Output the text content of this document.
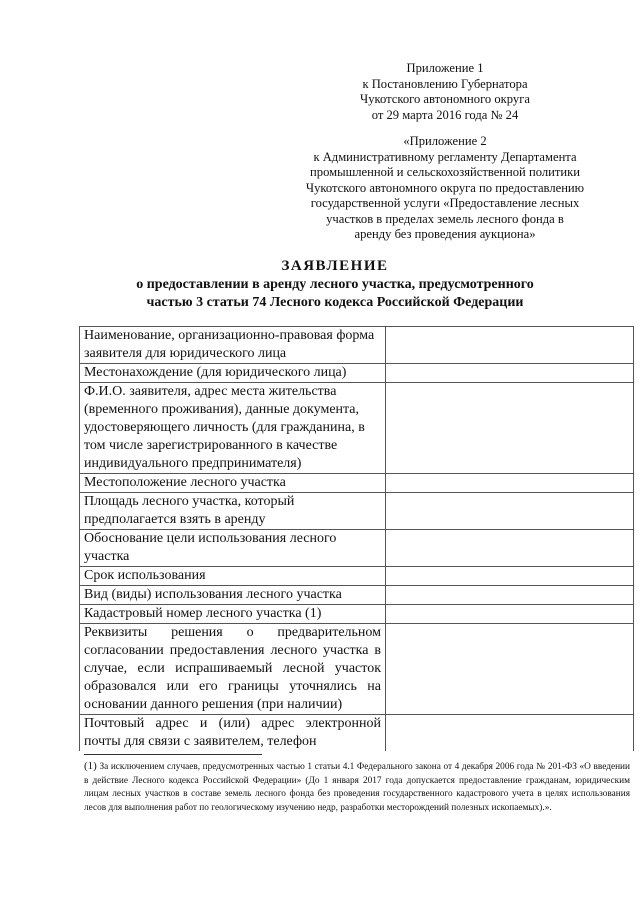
Приложение 1
к Постановлению Губернатора
Чукотского автономного округа
от 29 марта 2016 года № 24
«Приложение 2
к Административному регламенту Департамента
промышленной и сельскохозяйственной политики
Чукотского автономного округа по предоставлению
государственной услуги «Предоставление лесных
участков в пределах земель лесного фонда в
аренду без проведения аукциона»
ЗАЯВЛЕНИЕ
о предоставлении в аренду лесного участка, предусмотренного
частью 3 статьи 74 Лесного кодекса Российской Федерации
Наименование, организационно-правовая форма заявителя для юридического лица	
Местонахождение (для юридического лица)	
Ф.И.О. заявителя, адрес места жительства (временного проживания), данные документа, удостоверяющего личность (для гражданина, в том числе зарегистрированного в качестве индивидуального предпринимателя)	
Местоположение лесного участка	
Площадь лесного участка, который предполагается взять в аренду	
Обоснование цели использования лесного участка	
Срок использования	
Вид (виды) использования лесного участка	
Кадастровый номер лесного участка (1)	
Реквизиты решения о предварительном согласовании предоставления лесного участка в случае, если испрашиваемый лесной участок образовался или его границы уточнялись на основании данного решения (при наличии)	
Почтовый адрес и (или) адрес электронной почты для связи с заявителем, телефон	
(1) За исключением случаев, предусмотренных частью 1 статьи 4.1 Федерального закона от 4 декабря 2006 года № 201-ФЗ «О введении в действие Лесного кодекса Российской Федерации» (До 1 января 2017 года допускается предоставление гражданам, юридическим лицам лесных участков в составе земель лесного фонда без проведения государственного кадастрового учета в целях использования лесов для выполнения работ по геологическому изучению недр, разработки месторождений полезных ископаемых).».
